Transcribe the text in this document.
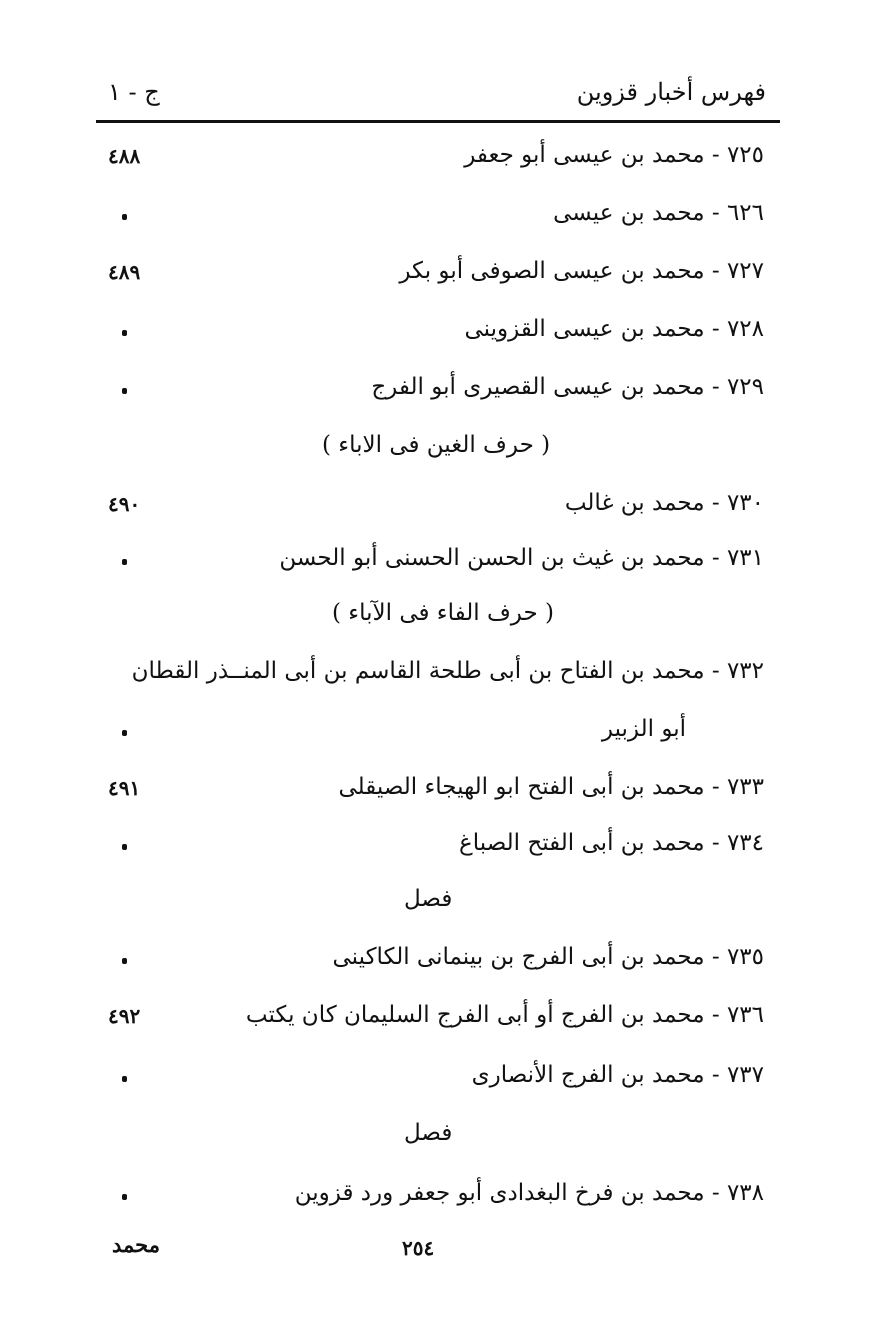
فهرس أخبار قزوين
ج - ١
٧٢٥ - محمد بن عيسى أبو جعفر
٤٨٨
٦٢٦ - محمد بن عيسى
٧٢٧ - محمد بن عيسى الصوفى أبو بكر
٤٨٩
٧٢٨ - محمد بن عيسى القزوينى
٧٢٩ - محمد بن عيسى القصيرى أبو الفرج
( حرف الغين فى الاباء )
٧٣٠ - محمد بن غالب
٤٩٠
٧٣١ - محمد بن غيث بن الحسن الحسنى أبو الحسن
( حرف الفاء فى الآباء )
٧٣٢ - محمد بن الفتاح بن أبى طلحة القاسم بن أبى المنــذر القطان
أبو الزبير
٧٣٣ - محمد بن أبى الفتح ابو الهيجاء الصيقلى
٤٩١
٧٣٤ - محمد بن أبى الفتح الصباغ
فصل
٧٣٥ - محمد بن أبى الفرج بن بينمانى الكاكينى
٧٣٦ - محمد بن الفرج أو أبى الفرج السليمان كان يكتب
٤٩٢
٧٣٧ - محمد بن الفرج الأنصارى
فصل
٧٣٨ - محمد بن فرخ البغدادى أبو جعفر ورد قزوين
٢٥٤
محمد
